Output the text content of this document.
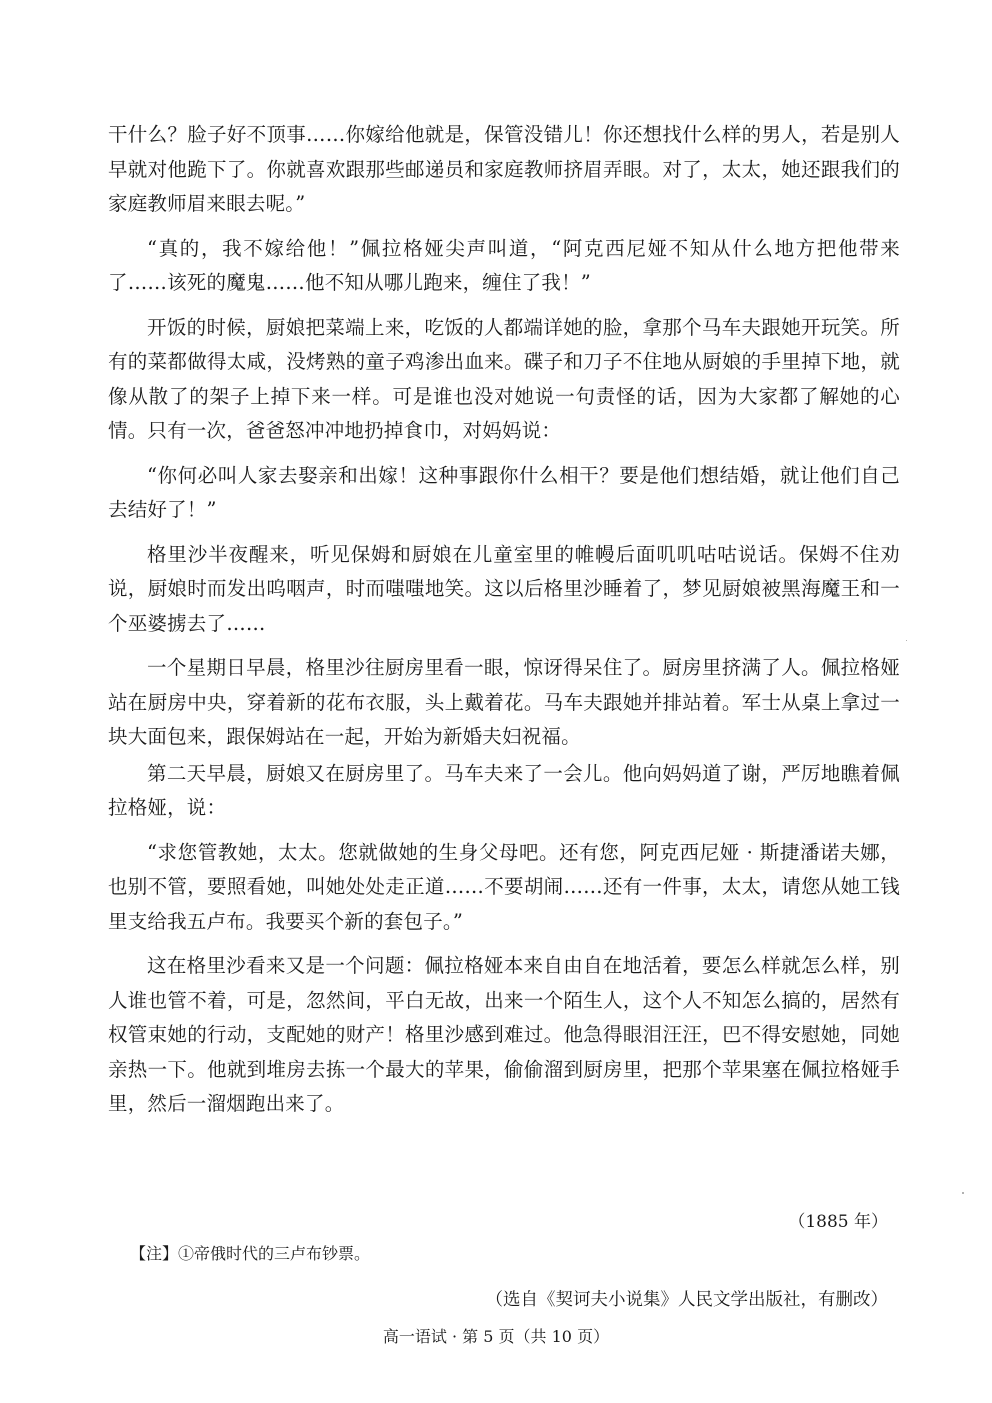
干什么？脸子好不顶事……你嫁给他就是，保管没错儿！你还想找什么样的男人，若是别人早就对他跪下了。你就喜欢跟那些邮递员和家庭教师挤眉弄眼。对了，太太，她还跟我们的家庭教师眉来眼去呢。”

“真的，我不嫁给他！”佩拉格娅尖声叫道，“阿克西尼娅不知从什么地方把他带来了……该死的魔鬼……他不知从哪儿跑来，缠住了我！”

开饭的时候，厨娘把菜端上来，吃饭的人都端详她的脸，拿那个马车夫跟她开玩笑。所有的菜都做得太咸，没烤熟的童子鸡渗出血来。碟子和刀子不住地从厨娘的手里掉下地，就像从散了的架子上掉下来一样。可是谁也没对她说一句责怪的话，因为大家都了解她的心情。只有一次，爸爸怒冲冲地扔掉食巾，对妈妈说：

“你何必叫人家去娶亲和出嫁！这种事跟你什么相干？要是他们想结婚，就让他们自己去结好了！”

格里沙半夜醒来，听见保姆和厨娘在儿童室里的帷幔后面叽叽咕咕说话。保姆不住劝说，厨娘时而发出呜咽声，时而嗤嗤地笑。这以后格里沙睡着了，梦见厨娘被黑海魔王和一个巫婆掳去了……

一个星期日早晨，格里沙往厨房里看一眼，惊讶得呆住了。厨房里挤满了人。佩拉格娅站在厨房中央，穿着新的花布衣服，头上戴着花。马车夫跟她并排站着。军士从桌上拿过一块大面包来，跟保姆站在一起，开始为新婚夫妇祝福。

第二天早晨，厨娘又在厨房里了。马车夫来了一会儿。他向妈妈道了谢，严厉地瞧着佩拉格娅，说：

“求您管教她，太太。您就做她的生身父母吧。还有您，阿克西尼娅 · 斯捷潘诺夫娜，也别不管，要照看她，叫她处处走正道……不要胡闹……还有一件事，太太，请您从她工钱里支给我五卢布。我要买个新的套包子。”

这在格里沙看来又是一个问题：佩拉格娅本来自由自在地活着，要怎么样就怎么样，别人谁也管不着，可是，忽然间，平白无故，出来一个陌生人，这个人不知怎么搞的，居然有权管束她的行动，支配她的财产！格里沙感到难过。他急得眼泪汪汪，巴不得安慰她，同她亲热一下。他就到堆房去拣一个最大的苹果，偷偷溜到厨房里，把那个苹果塞在佩拉格娅手里，然后一溜烟跑出来了。

（1885 年）
【注】①帝俄时代的三卢布钞票。
（选自《契诃夫小说集》人民文学出版社，有删改）
高一语试 · 第 5 页（共 10 页）
